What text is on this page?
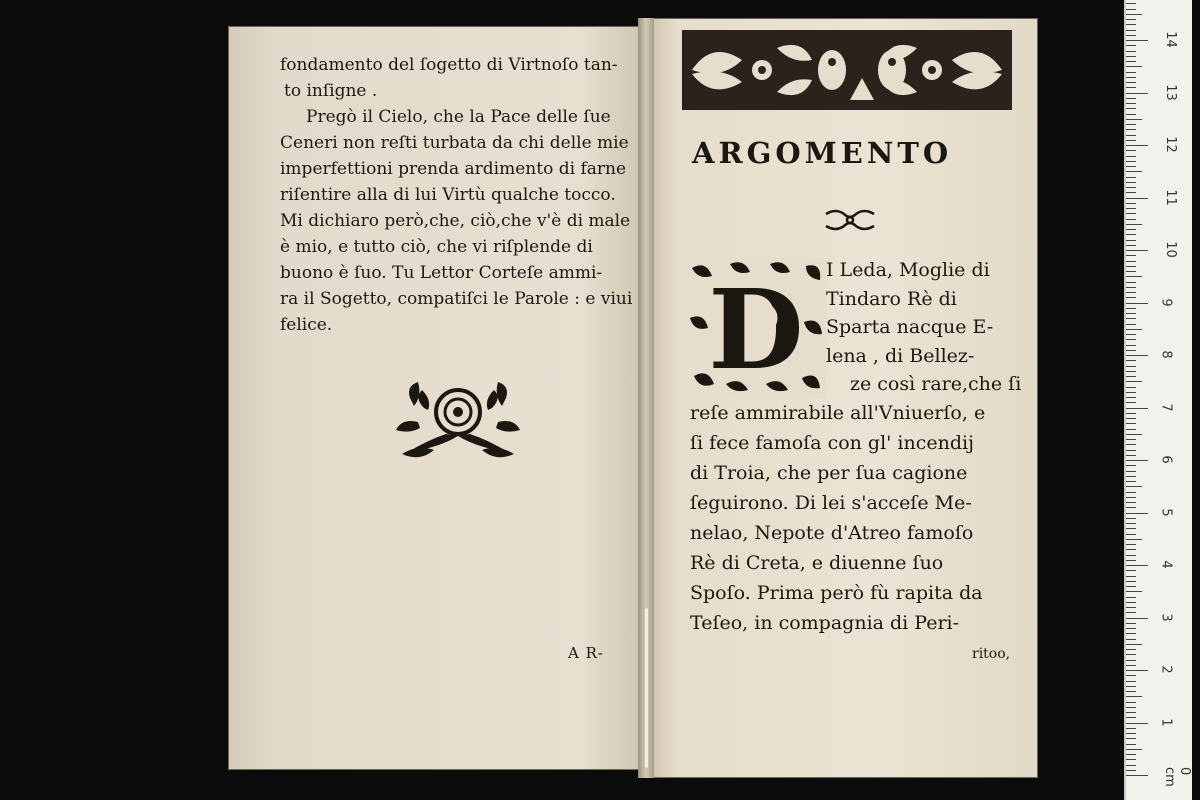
fondamento del ſogetto di Virtnoſo tan-
to inſigne .
Pregò il Cielo, che la Pace delle ſue
Ceneri non reſti turbata da chi delle mie
imperfettioni prenda ardimento di farne
riſentire alla di lui Virtù qualche tocco.
Mi dichiaro però,che, ciò,che v'è di male
è mio, e tutto ciò, che vi riſplende di
buono è ſuo. Tu Lettor Corteſe ammi-
ra il Sogetto, compatiſci le Parole : e viui
felice.
A R-
ARGOMENTO
D I Leda, Moglie di
Tindaro Rè di
Sparta nacque E-
lena , di Bellez-
ze così rare,che ſi
reſe ammirabile all'Vniuerſo, e
ſi fece famoſa con gl' incendij
di Troia, che per ſua cagione
ſeguirono. Di lei s'acceſe Me-
nelao, Nepote d'Atreo famoſo
Rè di Creta, e diuenne ſuo
Spoſo. Prima però fù rapita da
Teſeo, in compagnia di Peri-
ritoo,
0 cm
1
2
3
4
5
6
7
8
9
10
11
12
13
14
